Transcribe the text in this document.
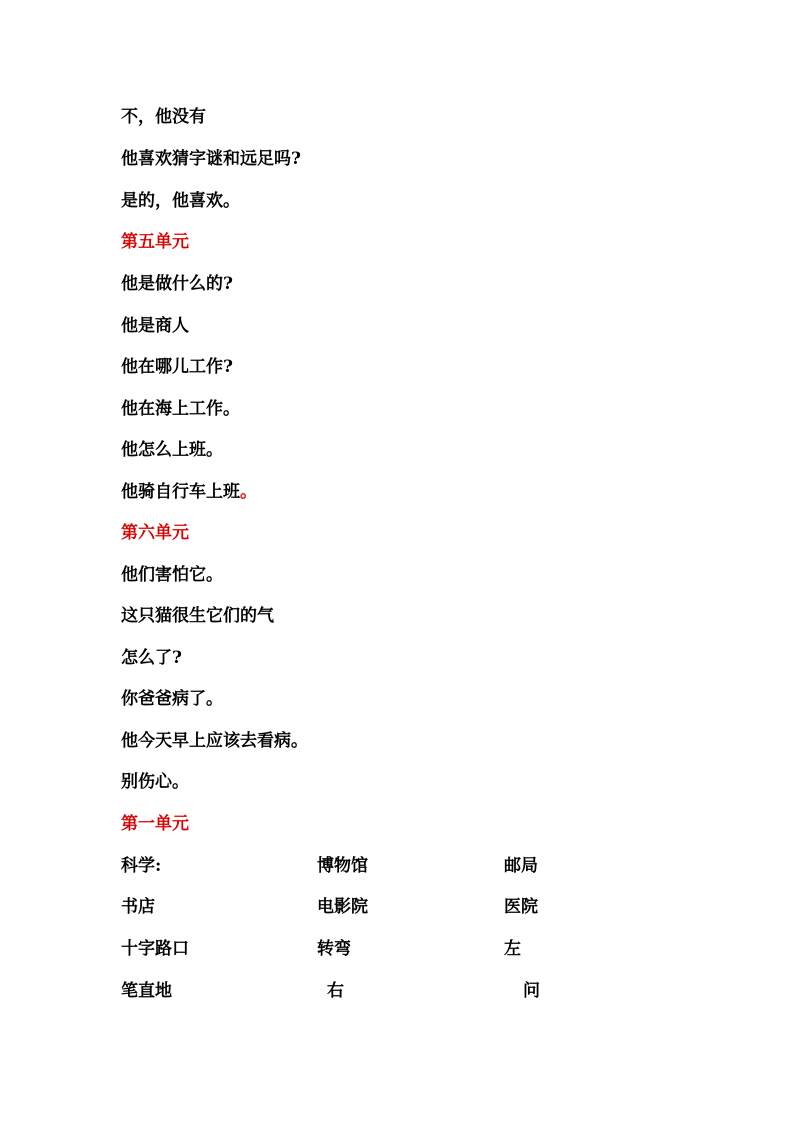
不，他没有
他喜欢猜字谜和远足吗?
是的，他喜欢。
第五单元
他是做什么的?
他是商人
他在哪儿工作?
他在海上工作。
他怎么上班。
他骑自行车上班。
第六单元
他们害怕它。
这只猫很生它们的气
怎么了?
你爸爸病了。
他今天早上应该去看病。
别伤心。
第一单元
科学:	博物馆	邮局
书店	电影院	医院
十字路口	转弯	左
笔直地	右	问
